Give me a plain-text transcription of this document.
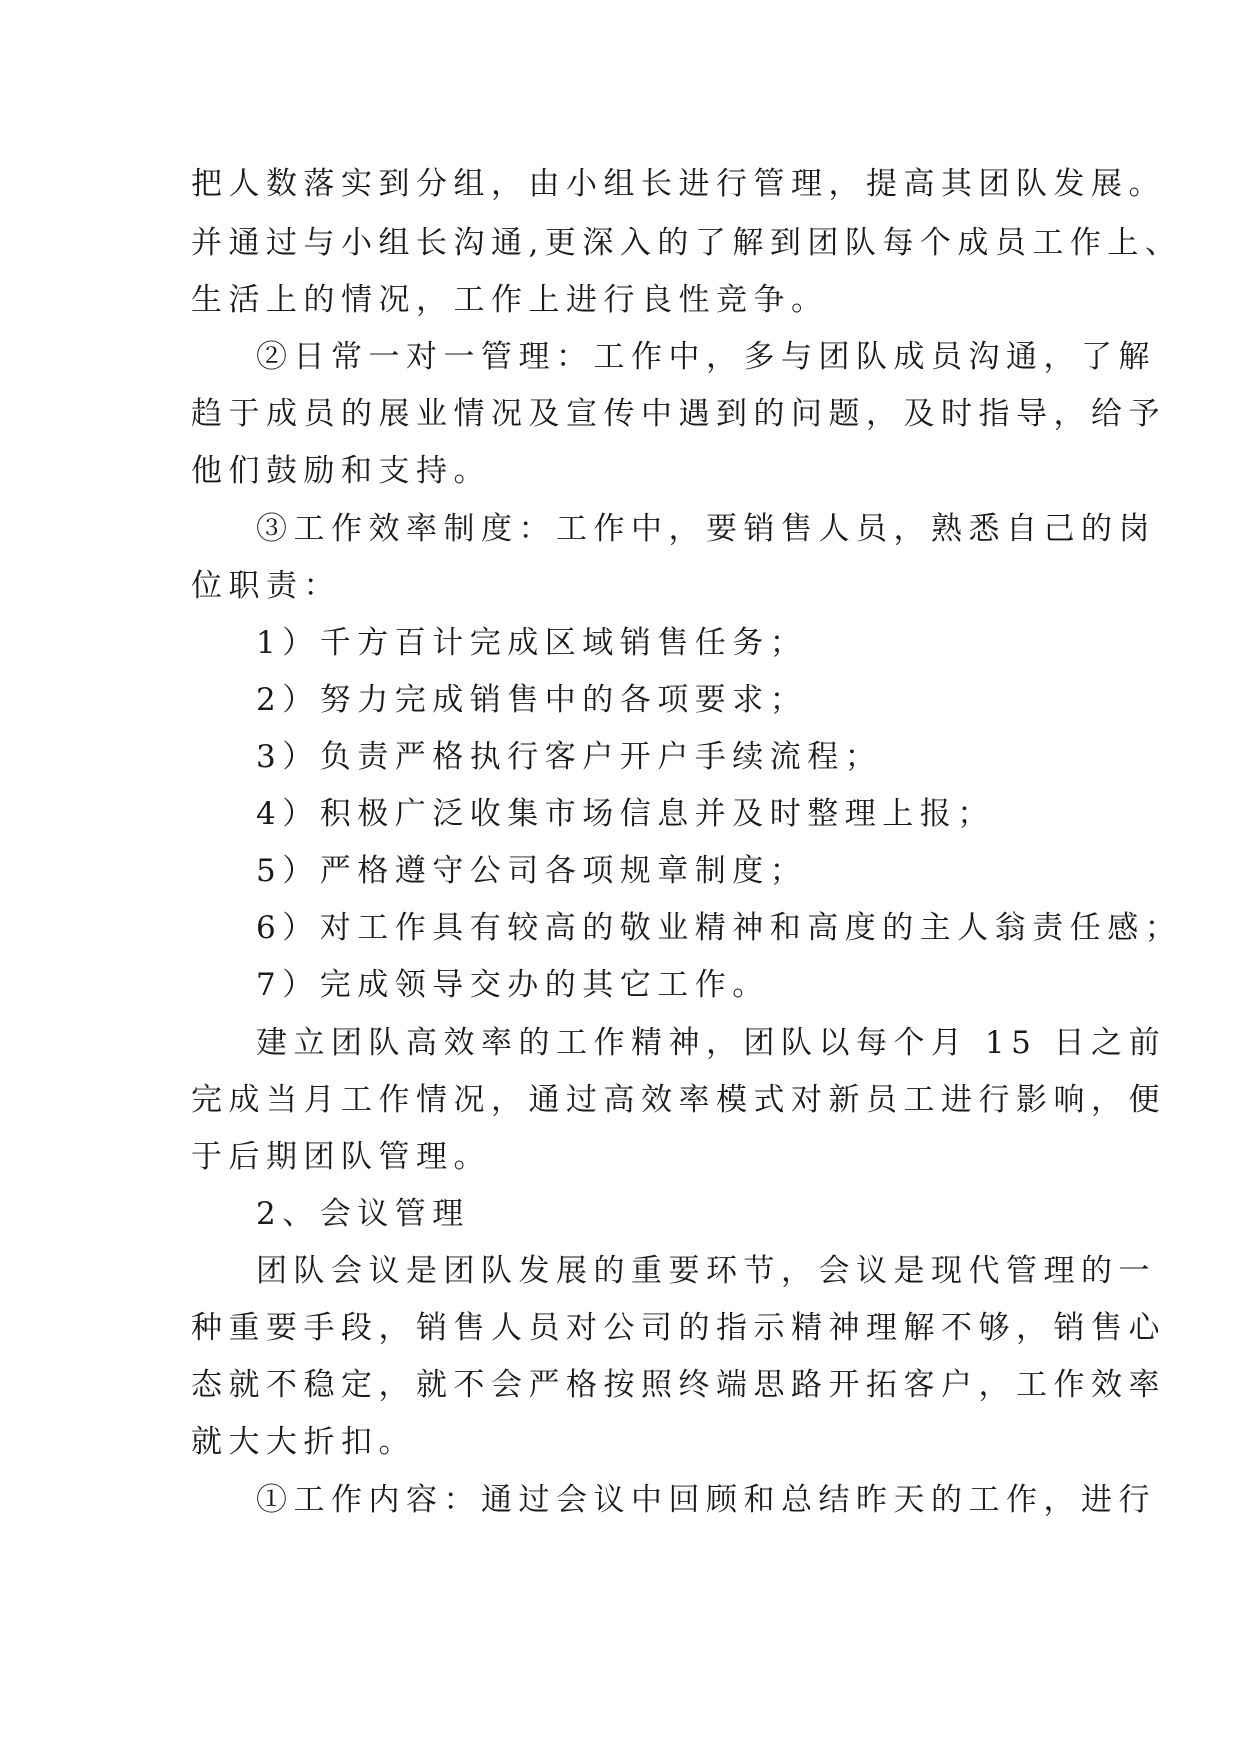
把人数落实到分组，由小组长进行管理，提高其团队发展。
并通过与小组长沟通,更深入的了解到团队每个成员工作上、
生活上的情况，工作上进行良性竞争。
②日常一对一管理：工作中，多与团队成员沟通，了解
趋于成员的展业情况及宣传中遇到的问题，及时指导，给予
他们鼓励和支持。
③工作效率制度：工作中，要销售人员，熟悉自己的岗
位职责：
1）千方百计完成区域销售任务；
2）努力完成销售中的各项要求；
3）负责严格执行客户开户手续流程；
4）积极广泛收集市场信息并及时整理上报；
5）严格遵守公司各项规章制度；
6）对工作具有较高的敬业精神和高度的主人翁责任感；
7）完成领导交办的其它工作。
建立团队高效率的工作精神，团队以每个月 15 日之前
完成当月工作情况，通过高效率模式对新员工进行影响，便
于后期团队管理。
2、会议管理
团队会议是团队发展的重要环节，会议是现代管理的一
种重要手段，销售人员对公司的指示精神理解不够，销售心
态就不稳定，就不会严格按照终端思路开拓客户，工作效率
就大大折扣。
①工作内容：通过会议中回顾和总结昨天的工作，进行
